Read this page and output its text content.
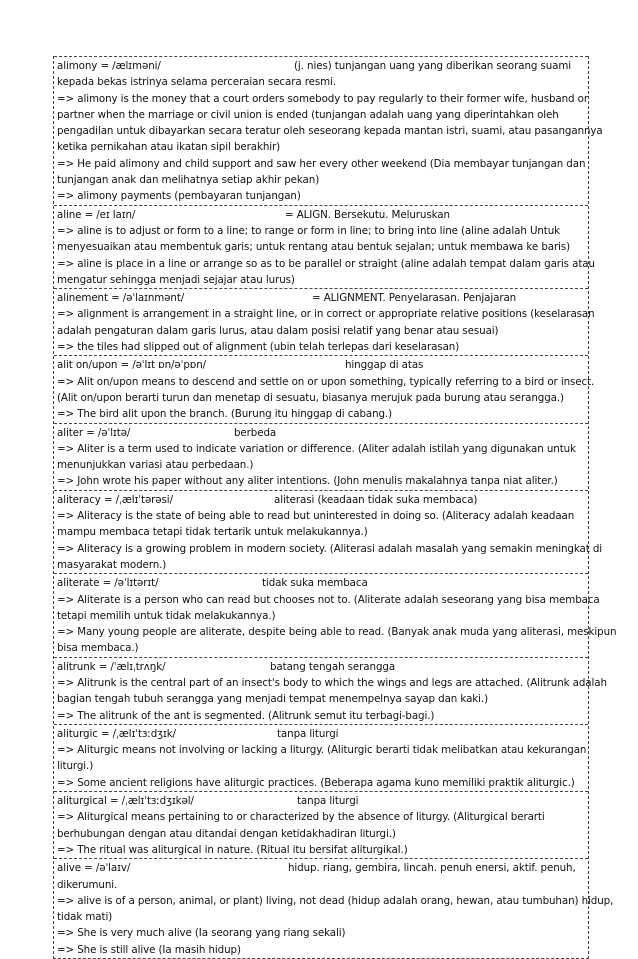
alimony = /ælɪməni/	(j. nies) tunjangan uang yang diberikan seorang suami
kepada bekas istrinya selama perceraian secara resmi.
=> alimony is the money that a court orders somebody to pay regularly to their former wife, husband or
partner when the marriage or civil union is ended (tunjangan adalah uang yang diperintahkan oleh
pengadilan untuk dibayarkan secara teratur oleh seseorang kepada mantan istri, suami, atau pasangannya
ketika pernikahan atau ikatan sipil berakhir)
=> He paid alimony and child support and saw her every other weekend (Dia membayar tunjangan dan
tunjangan anak dan melihatnya setiap akhir pekan)
=> alimony payments (pembayaran tunjangan)
aline = /eɪ laɪn/	= ALIGN. Bersekutu. Meluruskan
=> aline is to adjust or form to a line; to range or form in line; to bring into line (aline adalah Untuk
menyesuaikan atau membentuk garis; untuk rentang atau bentuk sejalan; untuk membawa ke baris)
=> aline is place in a line or arrange so as to be parallel or straight (aline adalah tempat dalam garis atau
mengatur sehingga menjadi sejajar atau lurus)
alinement = /əˈlaɪnmənt/	= ALIGNMENT. Penyelarasan. Penjajaran
=> alignment is arrangement in a straight line, or in correct or appropriate relative positions (keselarasan
adalah pengaturan dalam garis lurus, atau dalam posisi relatif yang benar atau sesuai)
=> the tiles had slipped out of alignment (ubin telah terlepas dari keselarasan)
alit on/upon = /əˈlɪt ɒn/əˈpɒn/	hinggap di atas
=> Alit on/upon means to descend and settle on or upon something, typically referring to a bird or insect.
(Alit on/upon berarti turun dan menetap di sesuatu, biasanya merujuk pada burung atau serangga.)
=> The bird alit upon the branch. (Burung itu hinggap di cabang.)
aliter = /əˈlɪtə/	berbeda
=> Aliter is a term used to indicate variation or difference. (Aliter adalah istilah yang digunakan untuk
menunjukkan variasi atau perbedaan.)
=> John wrote his paper without any aliter intentions. (John menulis makalahnya tanpa niat aliter.)
aliteracy = /ˌælɪˈtərəsi/	aliterasi (keadaan tidak suka membaca)
=> Aliteracy is the state of being able to read but uninterested in doing so. (Aliteracy adalah keadaan
mampu membaca tetapi tidak tertarik untuk melakukannya.)
=> Aliteracy is a growing problem in modern society. (Aliterasi adalah masalah yang semakin meningkat di
masyarakat modern.)
aliterate = /əˈlɪtərɪt/	tidak suka membaca
=> Aliterate is a person who can read but chooses not to. (Aliterate adalah seseorang yang bisa membaca
tetapi memilih untuk tidak melakukannya.)
=> Many young people are aliterate, despite being able to read. (Banyak anak muda yang aliterasi, meskipun
bisa membaca.)
alitrunk = /ˈælɪˌtrʌŋk/	batang tengah serangga
=> Alitrunk is the central part of an insect's body to which the wings and legs are attached. (Alitrunk adalah
bagian tengah tubuh serangga yang menjadi tempat menempelnya sayap dan kaki.)
=> The alitrunk of the ant is segmented. (Alitrunk semut itu terbagi-bagi.)
aliturgic = /ˌælɪˈtɜːdʒɪk/	tanpa liturgi
=> Aliturgic means not involving or lacking a liturgy. (Aliturgic berarti tidak melibatkan atau kekurangan
liturgi.)
=> Some ancient religions have aliturgic practices. (Beberapa agama kuno memiliki praktik aliturgic.)
aliturgical = /ˌælɪˈtɜːdʒɪkəl/	tanpa liturgi
=> Aliturgical means pertaining to or characterized by the absence of liturgy. (Aliturgical berarti
berhubungan dengan atau ditandai dengan ketidakhadiran liturgi.)
=> The ritual was aliturgical in nature. (Ritual itu bersifat aliturgikal.)
alive = /əˈlaɪv/	hidup. riang, gembira, lincah. penuh enersi, aktif. penuh,
dikerumuni.
=> alive is of a person, animal, or plant) living, not dead (hidup adalah orang, hewan, atau tumbuhan) hidup,
tidak mati)
=> She is very much alive (Ia seorang yang riang sekali)
=> She is still alive (Ia masih hidup)
